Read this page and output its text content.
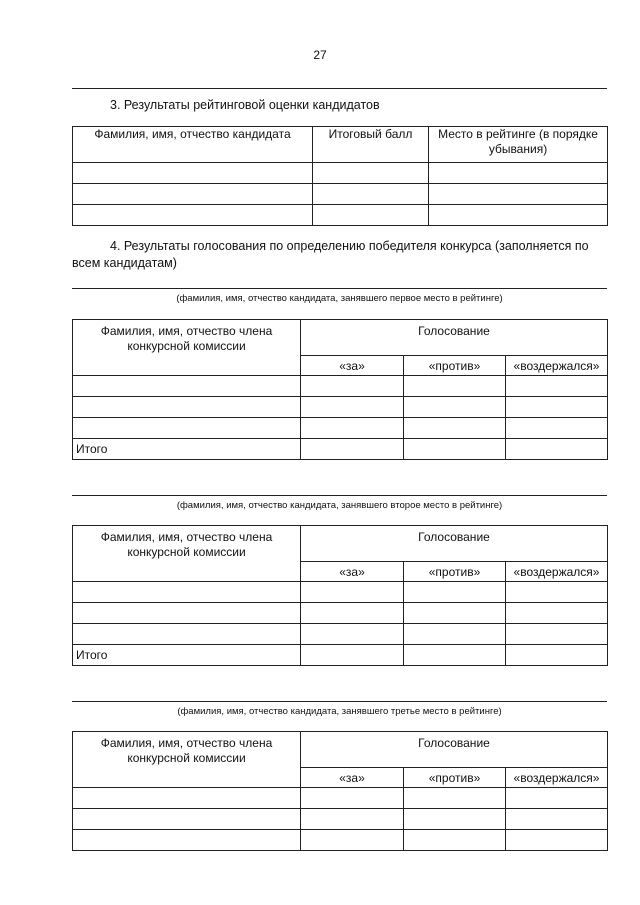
27
3. Результаты рейтинговой оценки кандидатов
Фамилия, имя, отчество кандидата	Итоговый балл	Место в рейтинге (в порядке убывания)

4. Результаты голосования по определению победителя конкурса (заполняется по всем кандидатам)
(фамилия, имя, отчество кандидата, занявшего первое место в рейтинге)
Фамилия, имя, отчество члена конкурсной комиссии	Голосование		
	«за»	«против»	«воздержался»

Итого			
(фамилия, имя, отчество кандидата, занявшего второе место в рейтинге)
Фамилия, имя, отчество члена конкурсной комиссии	Голосование		
	«за»	«против»	«воздержался»

Итого			
(фамилия, имя, отчество кандидата, занявшего третье место в рейтинге)
Фамилия, имя, отчество члена конкурсной комиссии	Голосование		
	«за»	«против»	«воздержался»
